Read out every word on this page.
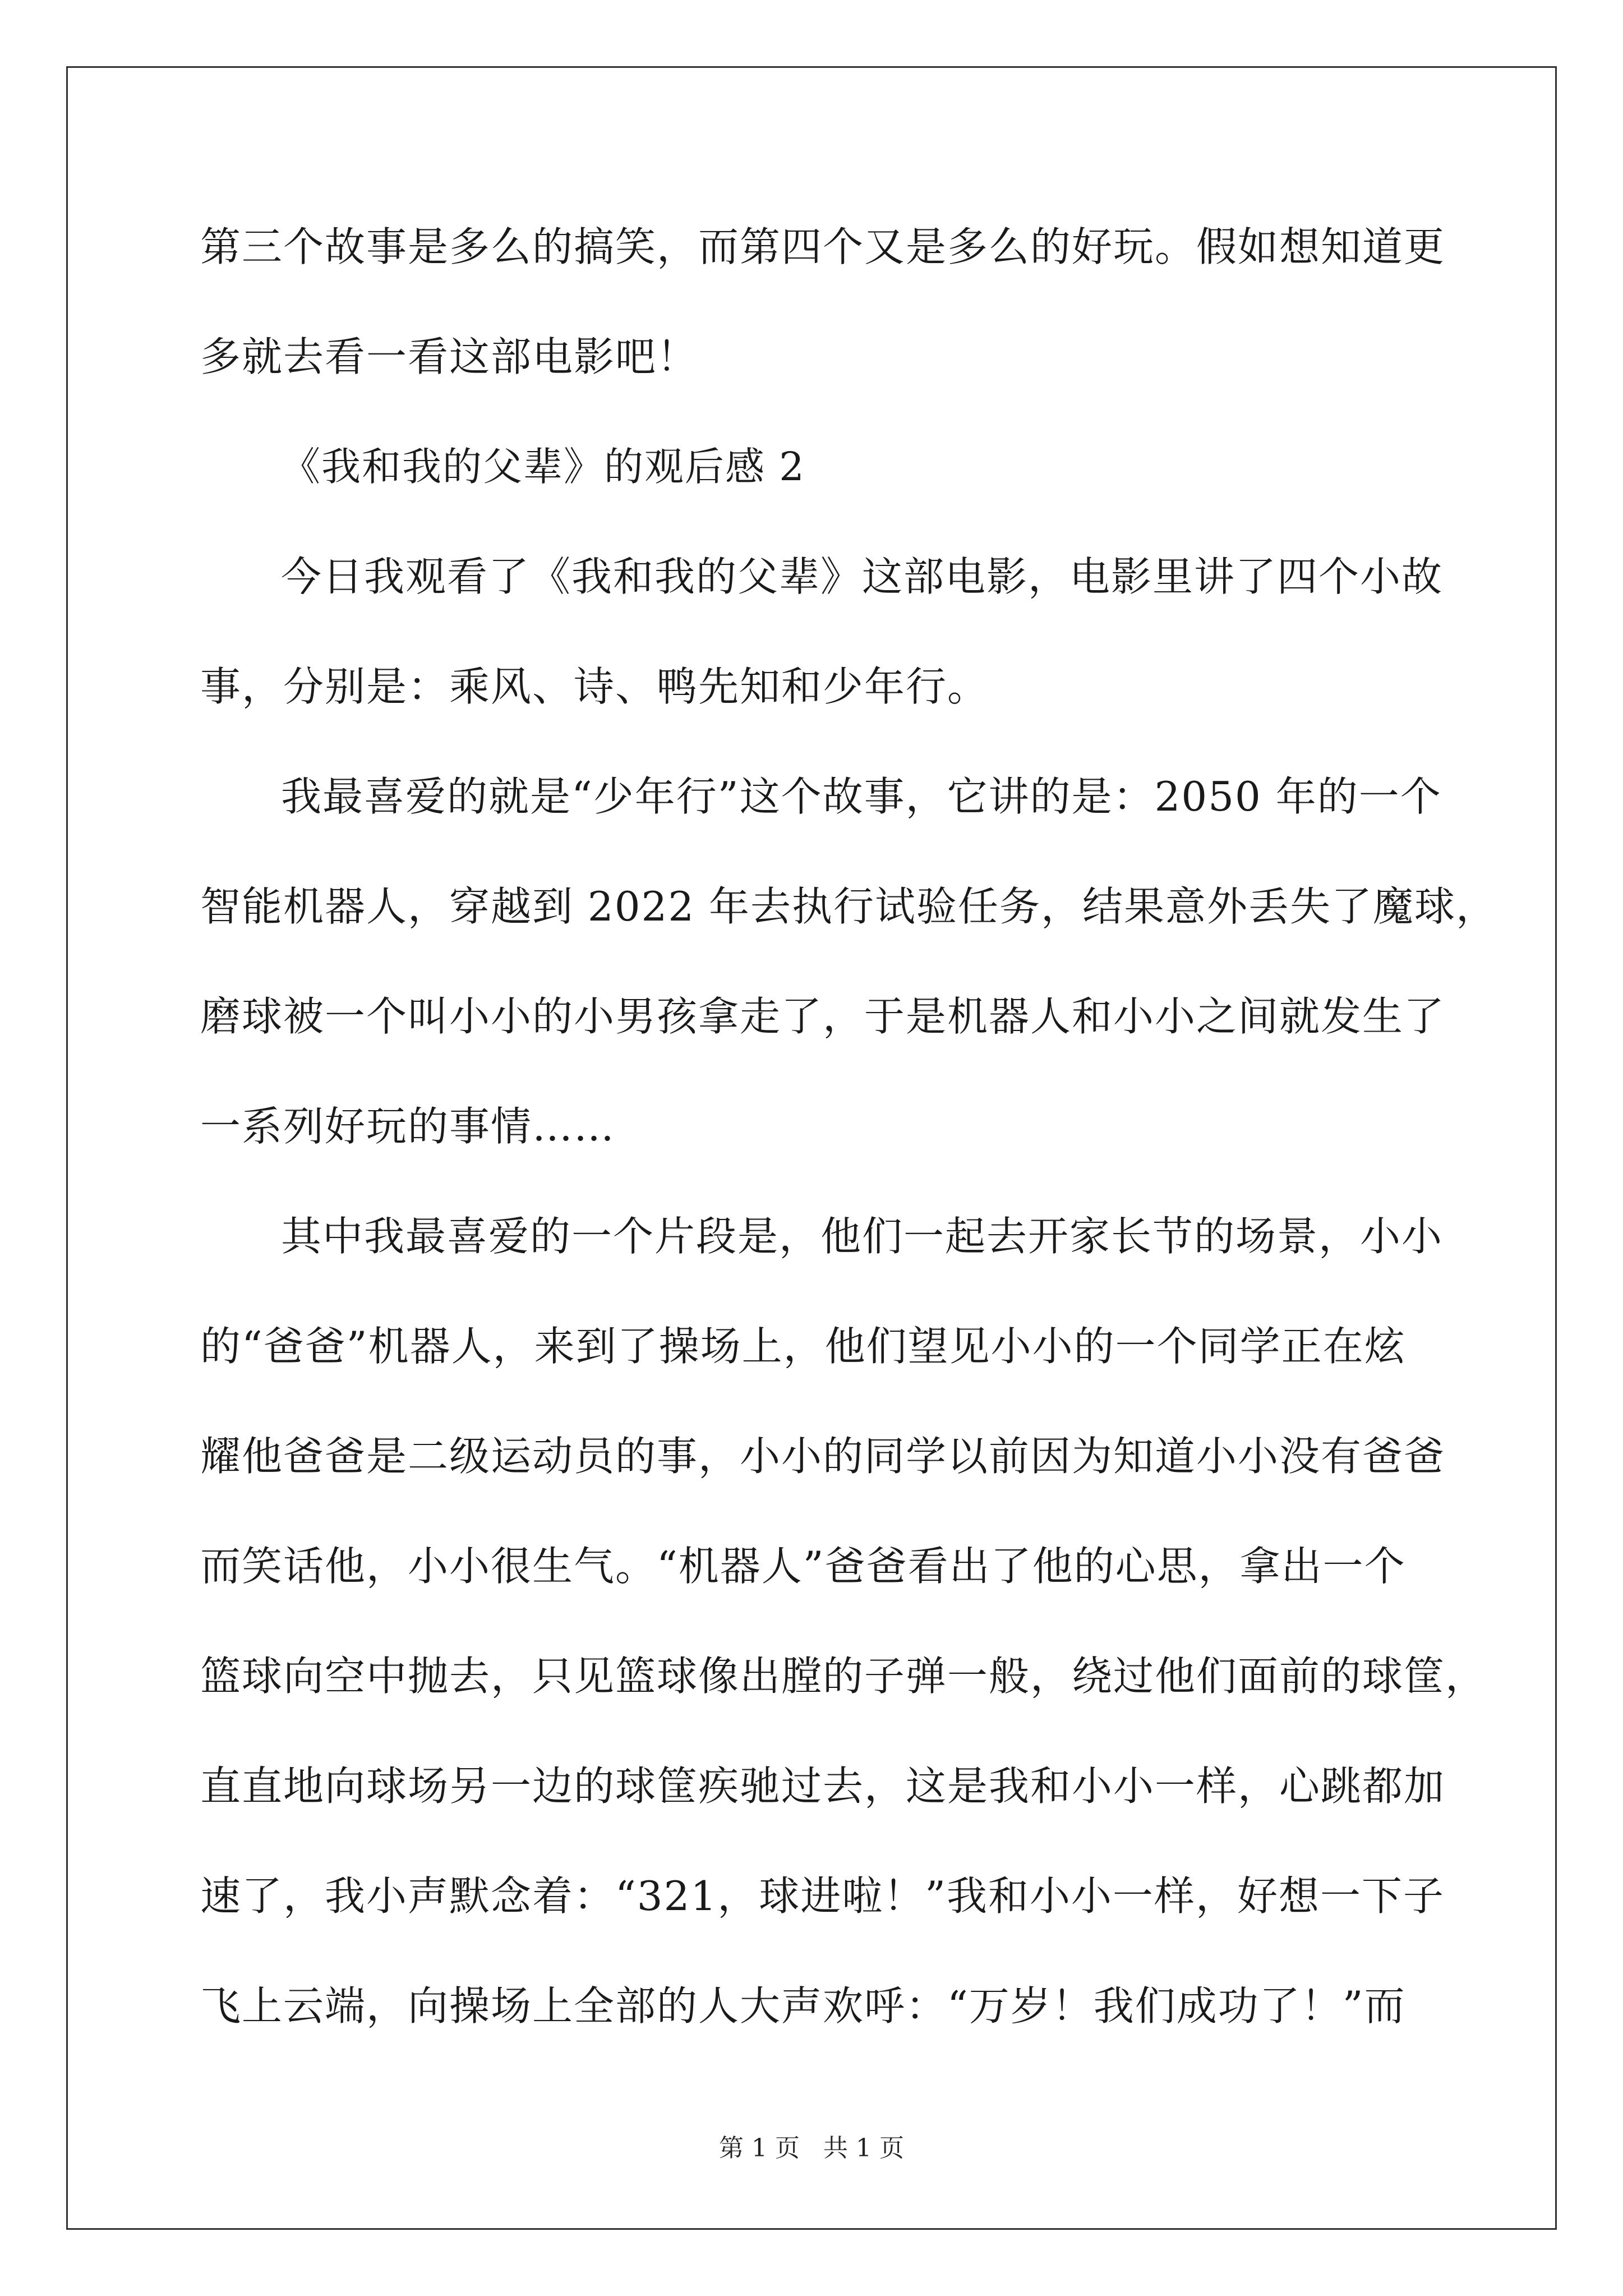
第三个故事是多么的搞笑，而第四个又是多么的好玩。假如想知道更
多就去看一看这部电影吧！
《我和我的父辈》的观后感 2
今日我观看了《我和我的父辈》这部电影，电影里讲了四个小故
事，分别是：乘风、诗、鸭先知和少年行。
我最喜爱的就是“少年行”这个故事，它讲的是：2050 年的一个
智能机器人，穿越到 2022 年去执行试验任务，结果意外丢失了魔球，
磨球被一个叫小小的小男孩拿走了，于是机器人和小小之间就发生了
一系列好玩的事情……
其中我最喜爱的一个片段是，他们一起去开家长节的场景，小小
的“爸爸”机器人，来到了操场上，他们望见小小的一个同学正在炫
耀他爸爸是二级运动员的事，小小的同学以前因为知道小小没有爸爸
而笑话他，小小很生气。“机器人”爸爸看出了他的心思，拿出一个
篮球向空中抛去，只见篮球像出膛的子弹一般，绕过他们面前的球筐，
直直地向球场另一边的球筐疾驰过去，这是我和小小一样，心跳都加
速了，我小声默念着：“321，球进啦！”我和小小一样，好想一下子
飞上云端，向操场上全部的人大声欢呼：“万岁！我们成功了！”而
第 1 页 共 1 页
